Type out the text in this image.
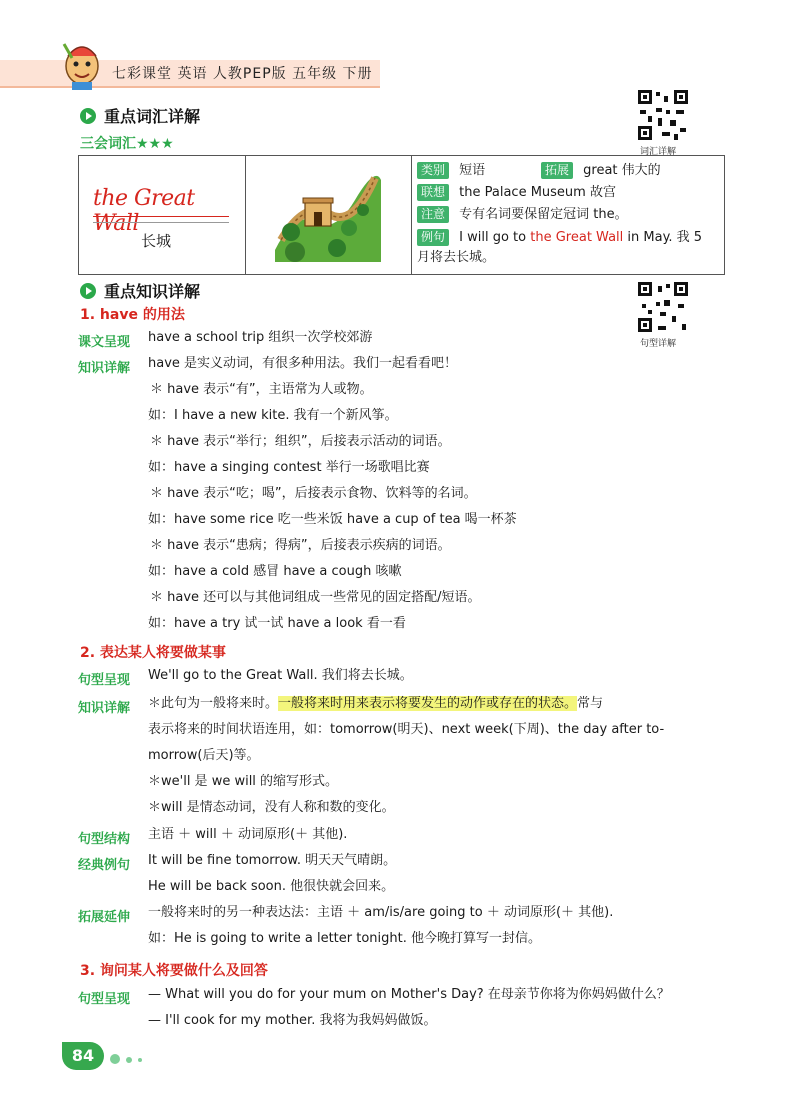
七彩课堂 英语 人教PEP版 五年级 下册
重点词汇详解
三会词汇★★★	词汇详解
the Great Wall
长城
类别 短语	拓展 great 伟大的
联想 the Palace Museum 故宫
注意 专有名词要保留定冠词 the。
例句 I will go to the Great Wall in May. 我 5
月将去长城。
重点知识详解
句型详解
1. have 的用法
课文呈现 have a school trip 组织一次学校郊游
知识详解 have 是实义动词，有很多种用法。我们一起看看吧！
＊ have 表示“有”，主语常为人或物。
如：I have a new kite. 我有一个新风筝。
＊ have 表示“举行；组织”，后接表示活动的词语。
如：have a singing contest 举行一场歌唱比赛
＊ have 表示“吃；喝”，后接表示食物、饮料等的名词。
如：have some rice 吃一些米饭 have a cup of tea 喝一杯茶
＊ have 表示“患病；得病”，后接表示疾病的词语。
如：have a cold 感冒 have a cough 咳嗽
＊ have 还可以与其他词组成一些常见的固定搭配/短语。
如：have a try 试一试 have a look 看一看
2. 表达某人将要做某事
句型呈现 We'll go to the Great Wall. 我们将去长城。
知识详解 ＊此句为一般将来时。一般将来时用来表示将要发生的动作或存在的状态。常与
表示将来的时间状语连用，如：tomorrow(明天)、next week(下周)、the day after to-
morrow(后天)等。
＊we'll 是 we will 的缩写形式。
＊will 是情态动词，没有人称和数的变化。
句型结构 主语 ＋ will ＋ 动词原形(＋ 其他).
经典例句 It will be fine tomorrow. 明天天气晴朗。
He will be back soon. 他很快就会回来。
拓展延伸 一般将来时的另一种表达法：主语 ＋ am/is/are going to ＋ 动词原形(＋ 其他).
如：He is going to write a letter tonight. 他今晚打算写一封信。
3. 询问某人将要做什么及回答
句型呈现 — What will you do for your mum on Mother's Day? 在母亲节你将为你妈妈做什么？
— I'll cook for my mother. 我将为我妈妈做饭。
84
